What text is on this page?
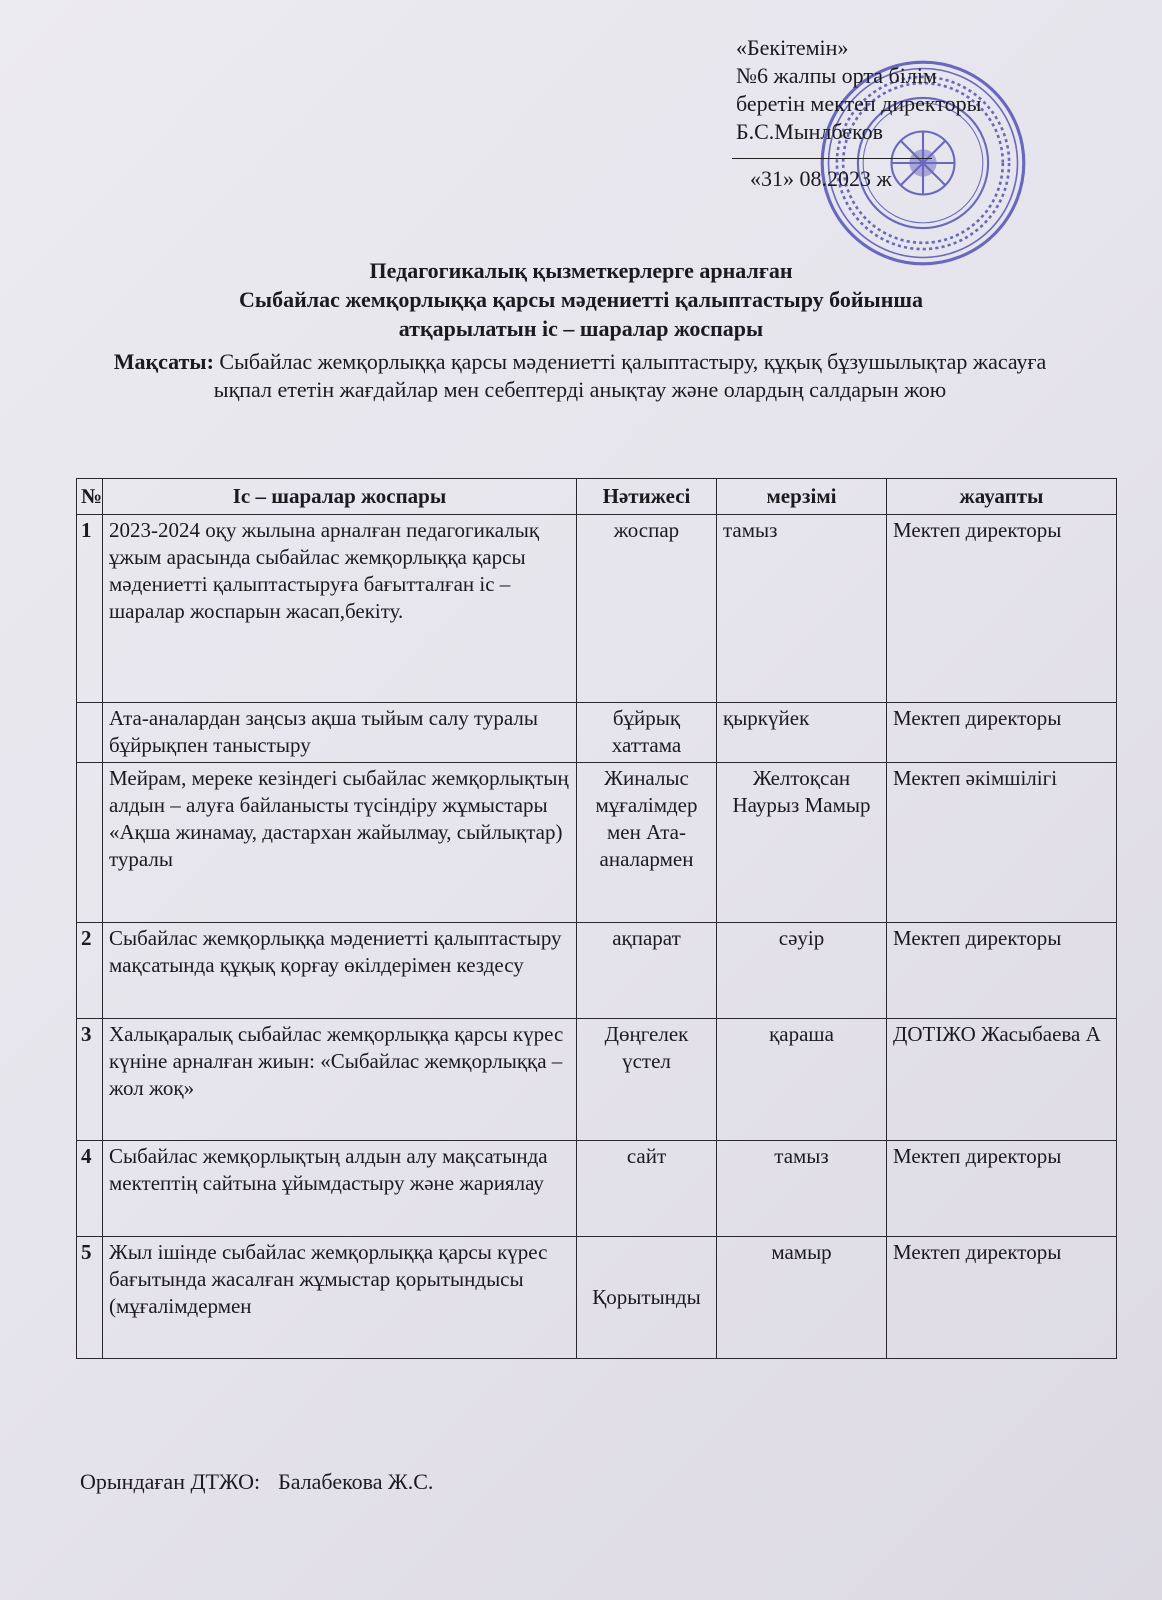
«Бекітемін»
№6 жалпы орта білім
беретін мектеп директоры
Б.С.Мынлбеков
«31» 08.2023 ж
Педагогикалық қызметкерлерге арналған
Сыбайлас жемқорлыққа қарсы мәдениетті қалыптастыру бойынша
атқарылатын іс – шаралар жоспары
Мақсаты: Сыбайлас жемқорлыққа қарсы мәдениетті қалыптастыру, құқық бұзушылықтар жасауға ықпал ететін жағдайлар мен себептерді анықтау және олардың салдарын жою
№	Іс – шаралар жоспары	Нәтижесі	мерзімі	жауапты
1	2023-2024 оқу жылына арналған педагогикалық ұжым арасында сыбайлас жемқорлыққа қарсы мәдениетті қалыптастыруға бағытталған іс – шаралар жоспарын жасап,бекіту.	жоспар	тамыз	Мектеп директоры
	Ата-аналардан заңсыз ақша тыйым салу туралы бұйрықпен таныстыру	бұйрық хаттама	қыркүйек	Мектеп директоры
	Мейрам, мереке кезіндегі сыбайлас жемқорлықтың алдын – алуға байланысты түсіндіру жұмыстары «Ақша жинамау, дастархан жайылмау, сыйлықтар) туралы	Жиналыс мұғалімдер мен Ата-аналармен	Желтоқсан Наурыз Мамыр	Мектеп әкімшілігі
2	Сыбайлас жемқорлыққа мәдениетті қалыптастыру мақсатында құқық қорғау өкілдерімен кездесу	ақпарат	сәуір	Мектеп директоры
3	Халықаралық сыбайлас жемқорлыққа қарсы күрес күніне арналған жиын: «Сыбайлас жемқорлыққа –жол жоқ»	Дөңгелек үстел	қараша	ДОТІЖО Жасыбаева А
4	Сыбайлас жемқорлықтың алдын алу мақсатында мектептің сайтына ұйымдастыру және жариялау	сайт	тамыз	Мектеп директоры
5	Жыл ішінде сыбайлас жемқорлыққа қарсы күрес бағытында жасалған жұмыстар қорытындысы (мұғалімдермен	Қорытынды	мамыр	Мектеп директоры
Орындаған ДТЖО: Балабекова Ж.С.
